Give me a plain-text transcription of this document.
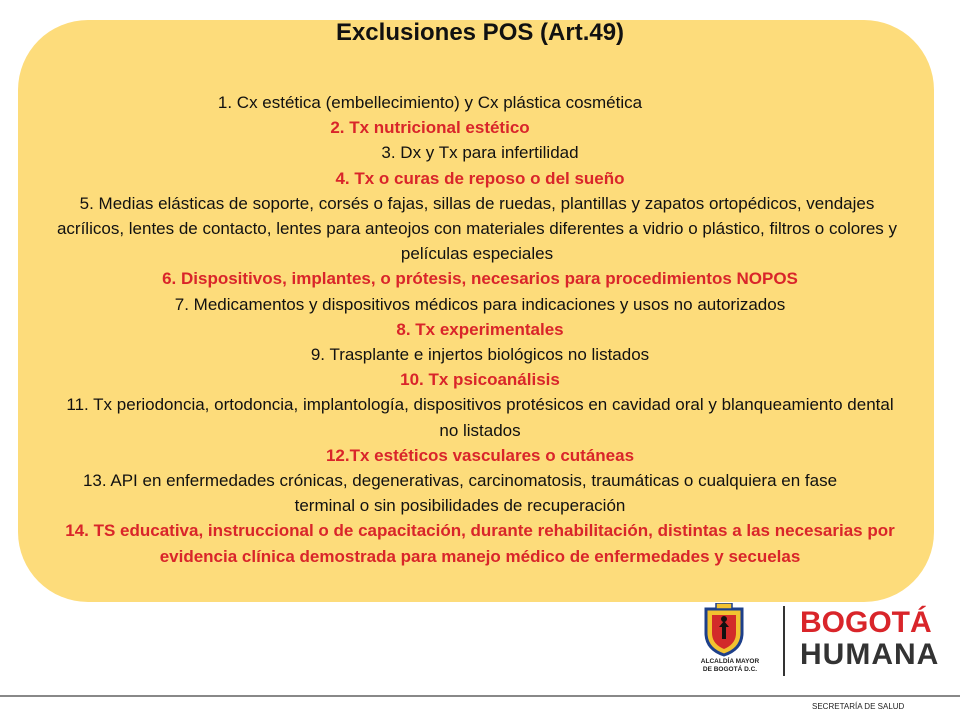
Exclusiones POS (Art.49)
1. Cx estética (embellecimiento) y Cx plástica cosmética
2. Tx nutricional estético
3. Dx y Tx para infertilidad
4. Tx o curas de reposo o del sueño
5. Medias elásticas de soporte, corsés o fajas, sillas de ruedas, plantillas y zapatos ortopédicos, vendajes acrílicos, lentes de contacto, lentes para anteojos con materiales diferentes a vidrio o plástico, filtros o colores y películas especiales
6. Dispositivos, implantes, o prótesis, necesarios para procedimientos NOPOS
7. Medicamentos y dispositivos médicos para indicaciones y usos no autorizados
8. Tx experimentales
9. Trasplante e injertos biológicos no listados
10. Tx psicoanálisis
11. Tx periodoncia, ortodoncia, implantología, dispositivos protésicos en cavidad oral y blanqueamiento dental no listados
12.Tx estéticos vasculares o cutáneas
13. API en enfermedades crónicas, degenerativas, carcinomatosis, traumáticas o cualquiera en fase terminal o sin posibilidades de recuperación
14. TS educativa, instruccional o de capacitación, durante rehabilitación, distintas a las necesarias por evidencia clínica demostrada para manejo médico de enfermedades y secuelas
ALCALDÍA MAYOR
DE BOGOTÁ D.C.
BOGOTÁ
HUMANA
SECRETARÍA DE SALUD
